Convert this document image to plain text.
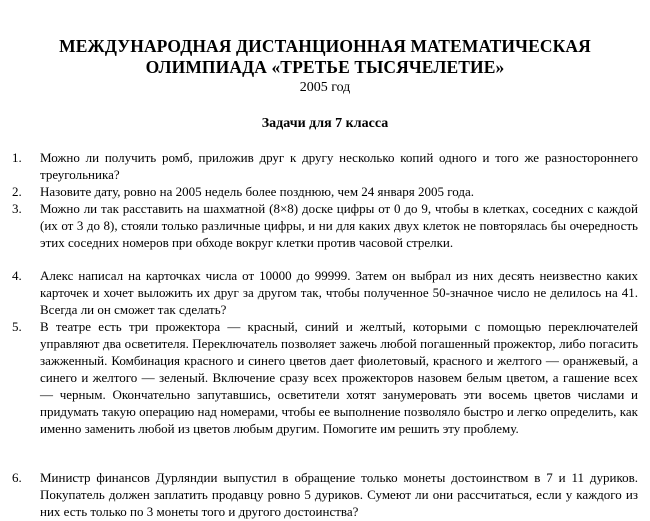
МЕЖДУНАРОДНАЯ ДИСТАНЦИОННАЯ МАТЕМАТИЧЕСКАЯ
ОЛИМПИАДА «ТРЕТЬЕ ТЫСЯЧЕЛЕТИЕ»
2005 год
Задачи для 7 класса
1. Можно ли получить ромб, приложив друг к другу несколько копий одного и того же разностороннего треугольника?
2. Назовите дату, ровно на 2005 недель более позднюю, чем 24 января 2005 года.
3. Можно ли так расставить на шахматной (8×8) доске цифры от 0 до 9, чтобы в клетках, соседних с каждой (их от 3 до 8), стояли только различные цифры, и ни для каких двух клеток не повторялась бы очередность этих соседних номеров при обходе вокруг клетки против часовой стрелки.
4. Алекс написал на карточках числа от 10000 до 99999. Затем он выбрал из них десять неизвестно каких карточек и хочет выложить их друг за другом так, чтобы полученное 50-значное число не делилось на 41. Всегда ли он сможет так сделать?
5. В театре есть три прожектора — красный, синий и желтый, которыми с помощью переключателей управляют два осветителя. Переключатель позволяет зажечь любой погашенный прожектор, либо погасить зажженный. Комбинация красного и синего цветов дает фиолетовый, красного и желтого — оранжевый, а синего и желтого — зеленый. Включение сразу всех прожекторов назовем белым цветом, а гашение всех — черным. Окончательно запутавшись, осветители хотят занумеровать эти восемь цветов числами и придумать такую операцию над номерами, чтобы ее выполнение позволяло быстро и легко определить, как именно заменить любой из цветов любым другим. Помогите им решить эту проблему.
6. Министр финансов Дурляндии выпустил в обращение только монеты достоинством в 7 и 11 дуриков. Покупатель должен заплатить продавцу ровно 5 дуриков. Сумеют ли они рассчитаться, если у каждого из них есть только по 3 монеты того и другого достоинства?
